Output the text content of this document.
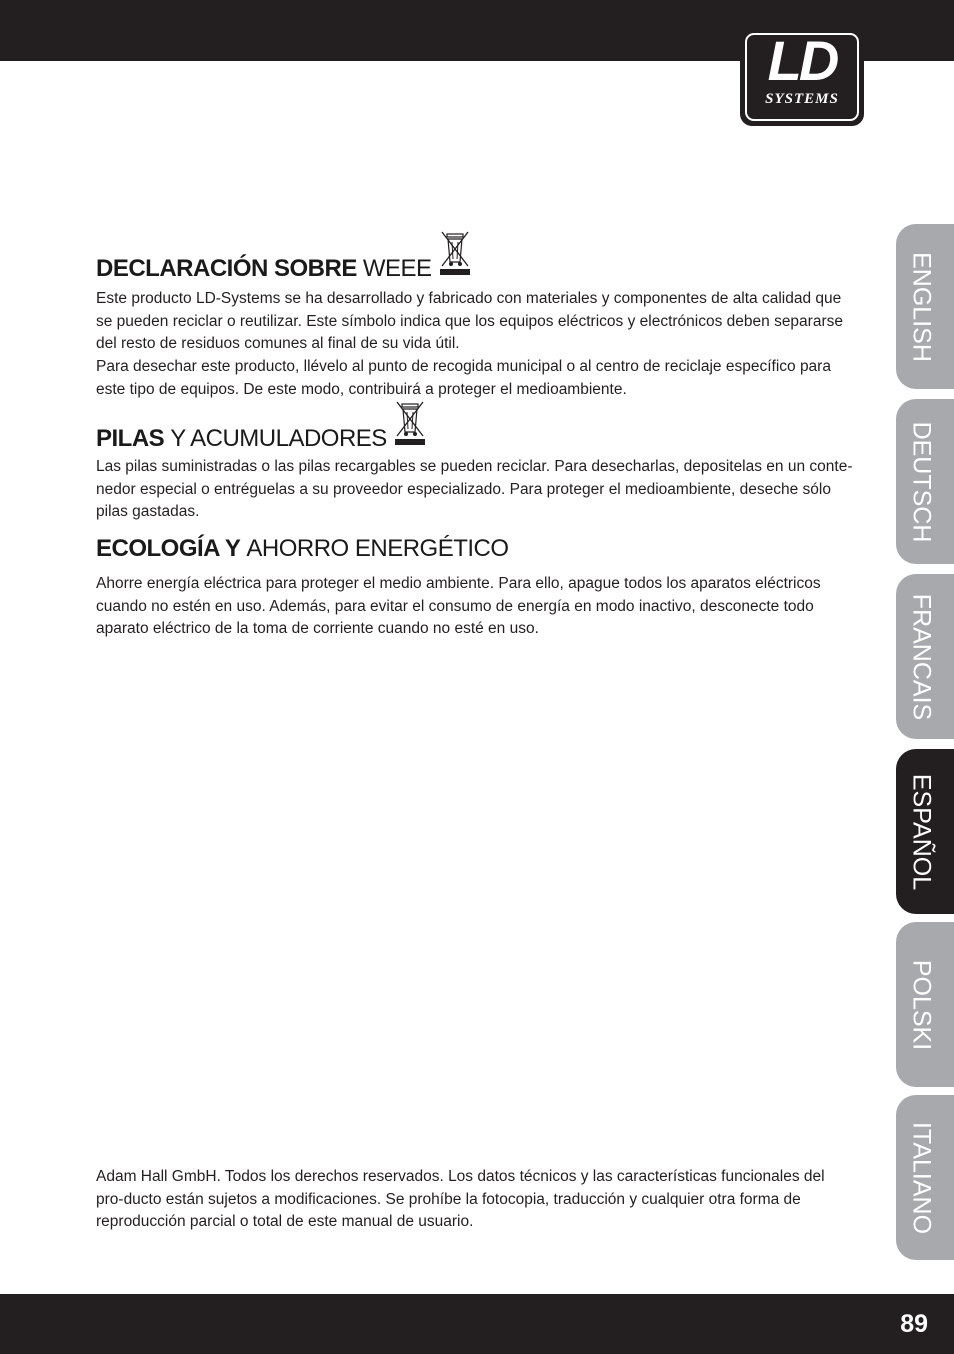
LD
SYSTEMS
ENGLISH
DEUTSCH
FRANCAIS
ESPAÑOL
POLSKI
ITALIANO
DECLARACIÓN SOBRE WEEE

Este producto LD-Systems se ha desarrollado y fabricado con materiales y componentes de alta calidad que se pueden reciclar o reutilizar. Este símbolo indica que los equipos eléctricos y electrónicos deben separarse del resto de residuos comunes al final de su vida útil.

Para desechar este producto, llévelo al punto de recogida municipal o al centro de reciclaje específico para este tipo de equipos. De este modo, contribuirá a proteger el medioambiente.

PILAS Y ACUMULADORES

Las pilas suministradas o las pilas recargables se pueden reciclar. Para desecharlas, depositelas en un conte-nedor especial o entréguelas a su proveedor especializado. Para proteger el medioambiente, deseche sólo pilas gastadas.

ECOLOGÍA Y AHORRO ENERGÉTICO

Ahorre energía eléctrica para proteger el medio ambiente. Para ello, apague todos los aparatos eléctricos cuando no estén en uso. Además, para evitar el consumo de energía en modo inactivo, desconecte todo aparato eléctrico de la toma de corriente cuando no esté en uso.

Adam Hall GmbH. Todos los derechos reservados. Los datos técnicos y las características funcionales del pro-ducto están sujetos a modificaciones. Se prohíbe la fotocopia, traducción y cualquier otra forma de reproducción parcial o total de este manual de usuario.

89
